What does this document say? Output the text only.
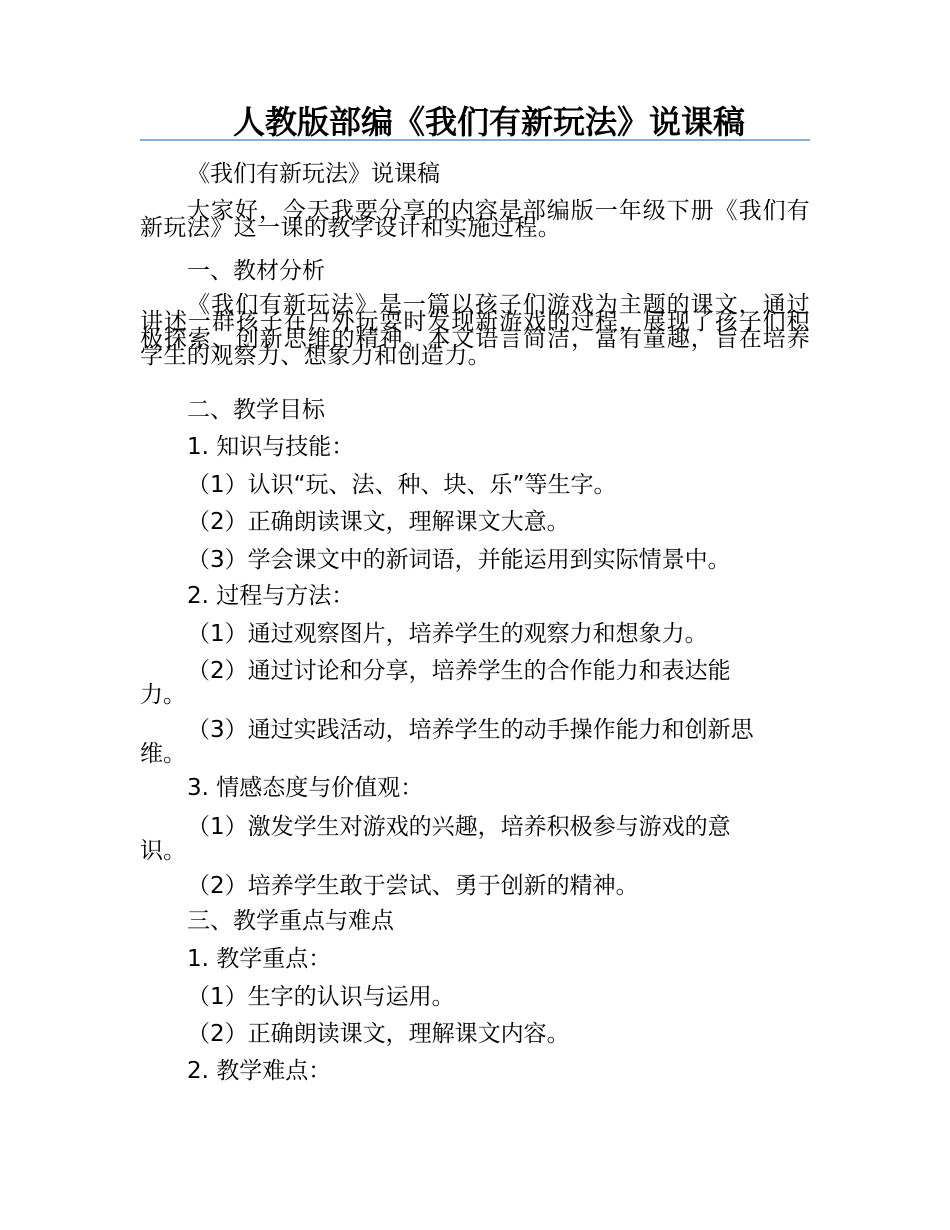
人教版部编《我们有新玩法》说课稿
《我们有新玩法》说课稿
大家好，今天我要分享的内容是部编版一年级下册《我们有新玩法》这一课的教学设计和实施过程。
一、教材分析
《我们有新玩法》是一篇以孩子们游戏为主题的课文，通过讲述一群孩子在户外玩耍时发现新游戏的过程，展现了孩子们积极探索、创新思维的精神。本文语言简洁，富有童趣，旨在培养学生的观察力、想象力和创造力。
二、教学目标
1. 知识与技能：
（1）认识“玩、法、种、块、乐”等生字。
（2）正确朗读课文，理解课文大意。
（3）学会课文中的新词语，并能运用到实际情景中。
2. 过程与方法：
（1）通过观察图片，培养学生的观察力和想象力。
（2）通过讨论和分享，培养学生的合作能力和表达能
力。
（3）通过实践活动，培养学生的动手操作能力和创新思
维。
3. 情感态度与价值观：
（1）激发学生对游戏的兴趣，培养积极参与游戏的意
识。
（2）培养学生敢于尝试、勇于创新的精神。
三、教学重点与难点
1. 教学重点：
（1）生字的认识与运用。
（2）正确朗读课文，理解课文内容。
2. 教学难点：
